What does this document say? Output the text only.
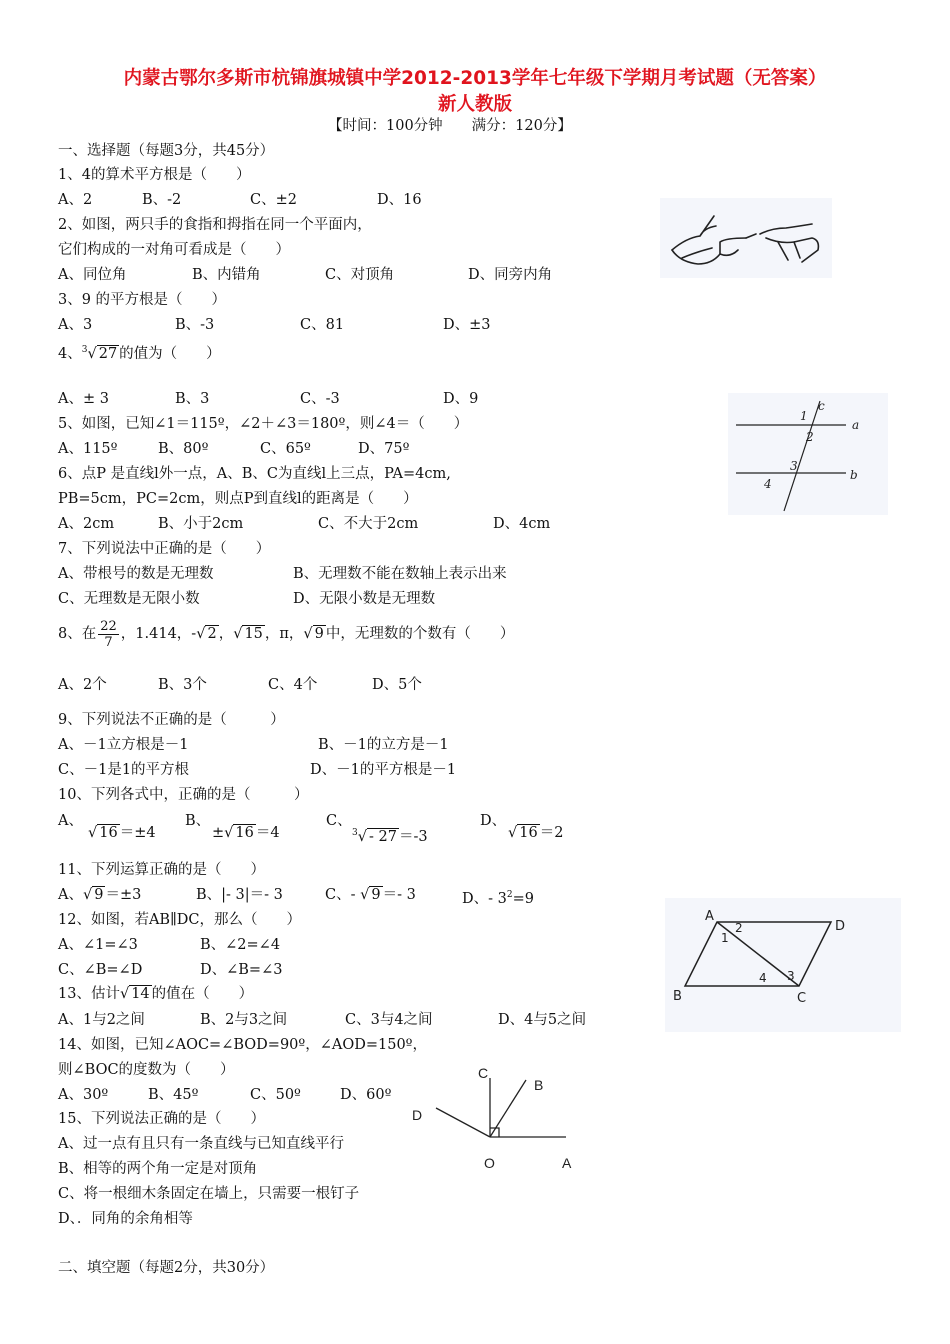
内蒙古鄂尔多斯市杭锦旗城镇中学2012-2013学年七年级下学期月考试题（无答案）
新人教版
【时间：100分钟　　满分：120分】
一、选择题（每题3分，共45分）
1、4的算术平方根是（　　）
A、2	B、-2	C、±2	D、16
2、如图，两只手的食指和拇指在同一个平面内，
它们构成的一对角可看成是（　　）
A、同位角	B、内错角	C、对顶角	D、同旁内角
3、9 的平方根是（　　）
A、3	B、-3	C、81	D、±3
4、$^3$√ 27 的值为（　　）
A、± 3	B、3	C、-3	D、9
5、如图，已知∠1＝115º，∠2＋∠3＝180º，则∠4＝（　　）
A、115º	B、80º	C、65º	D、75º
1
c
2
a
3
4
b
6、点P 是直线l外一点，A、B、C为直线l上三点，PA=4cm,
PB=5cm，PC=2cm，则点P到直线l的距离是（　　）
A、2cm	B、小于2cm	C、不大于2cm	D、4cm
7、下列说法中正确的是（　　）
A、带根号的数是无理数	B、无理数不能在数轴上表示出来
C、无理数是无限小数	D、无限小数是无理数
8、在 $\frac{22}{7}$ ，1.414，-√ 2 ，√ 15 ，π，√ 9 中，无理数的个数有（　　）
A、2个	B、3个	C、4个	D、5个
9、下列说法不正确的是（　　　）
A、－1立方根是－1	B、－1的立方是－1
C、－1是1的平方根	D、－1的平方根是－1
10、下列各式中，正确的是（　　　）
A、
√ 16 ＝±4
B、
±√ 16 ＝4
C、
$^3$√ - 27 ＝-3
D、
√ 16 ＝2
11、下列运算正确的是（　　）
A、√ 9 ＝±3	B、|- 3|＝- 3	C、- √ 9 ＝- 3	D、- $3^2=9$
12、如图，若AB∥DC，那么（　　）
A、∠1=∠3	B、∠2=∠4
C、∠B=∠D	D、∠B=∠3
A
D
1
2
3
4
B	C
13、估计√ 14 的值在（　　）
A、1与2之间	B、2与3之间	C、3与4之间	D、4与5之间
14、如图，已知∠AOC=∠BOD=90º，∠AOD=150º，
则∠BOC的度数为（　　）
A、30º	B、45º	C、50º	D、60º
C
B
D
O	A
15、下列说法正确的是（　　）
A、过一点有且只有一条直线与已知直线平行
B、相等的两个角一定是对顶角
C、将一根细木条固定在墙上，只需要一根钉子
D、．同角的余角相等
二、填空题（每题2分，共30分）
